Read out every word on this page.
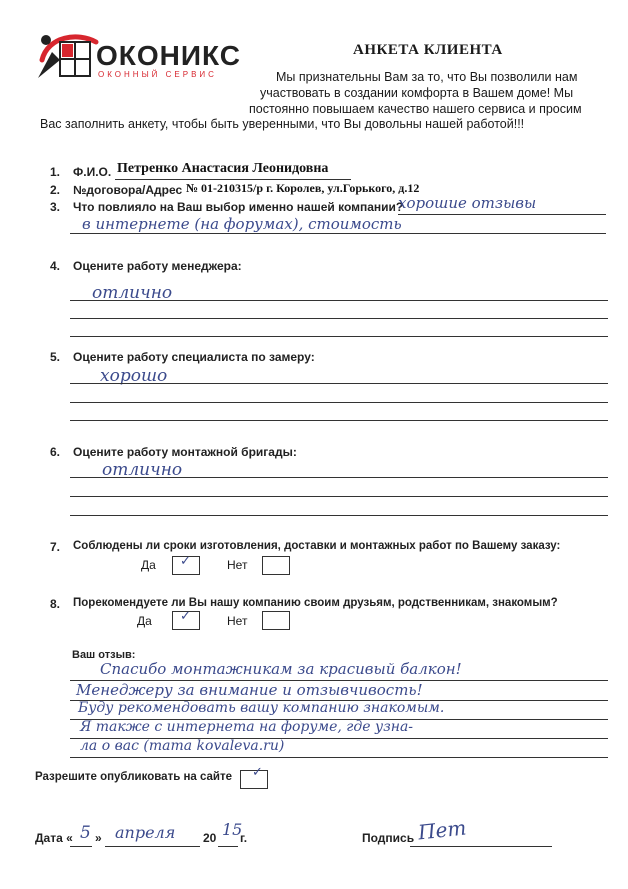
ОКОНИКС
ОКОННЫЙ СЕРВИС
АНКЕТА КЛИЕНТА
Мы признательны Вам за то, что Вы позволили нам
участвовать в создании комфорта в Вашем доме! Мы
постоянно повышаем качество нашего сервиса и просим
Вас заполнить анкету, чтобы быть уверенными, что Вы довольны нашей работой!!!
1. Ф.И.О. Петренко Анастасия Леонидовна
2. №договора/Адрес № 01-210315/р г. Королев, ул.Горького, д.12
3. Что повлияло на Ваш выбор именно нашей компании?
хорошие отзывы
в интернете (на форумах), стоимость
4. Оцените работу менеджера:
отлично
5. Оцените работу специалиста по замеру:
хорошо
6. Оцените работу монтажной бригады:
отлично
7. Соблюдены ли сроки изготовления, доставки и монтажных работ по Вашему заказу:
Да ✓	Нет
8. Порекомендуете ли Вы нашу компанию своим друзьям, родственникам, знакомым?
Да ✓	Нет
Ваш отзыв:
Спасибо монтажникам за красивый балкон!
Менеджеру за внимание и отзывчивость!
Буду рекомендовать вашу компанию знакомым.
Я также с интернета на форуме, где узна-
ла о вас (тата kovaleva.ru)
Разрешите опубликовать на сайте ✓
Дата « 5 » апреля 20 15
г.	Подпись Пет
